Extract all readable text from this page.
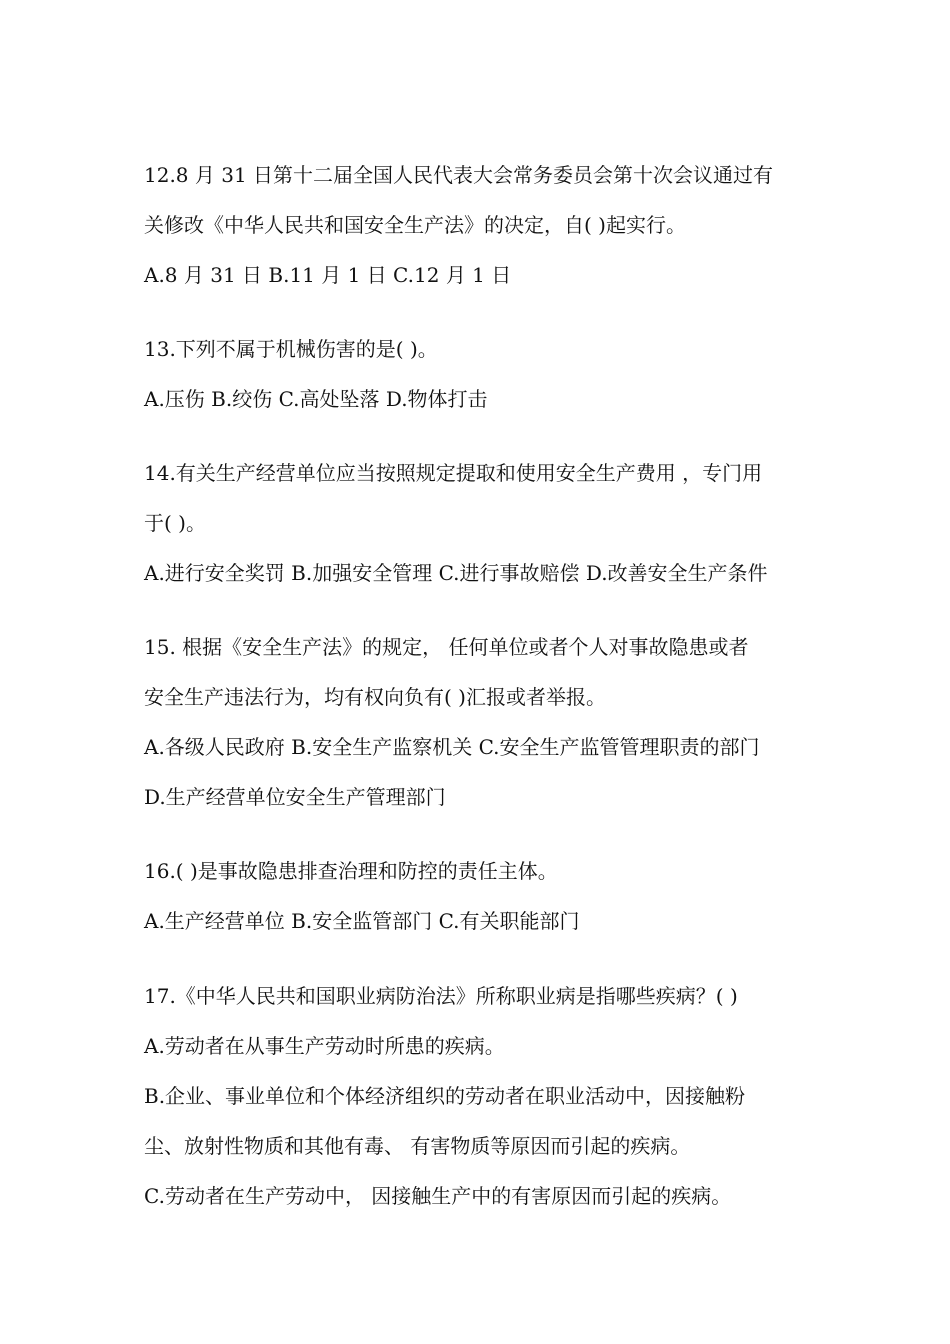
12.8 月 31 日第十二届全国人民代表大会常务委员会第十次会议通过有

关修改《中华人民共和国安全生产法》的决定，自( )起实行。

A.8 月 31 日 B.11 月 1 日 C.12 月 1 日

13.下列不属于机械伤害的是( )。

A.压伤 B.绞伤 C.高处坠落 D.物体打击

14.有关生产经营单位应当按照规定提取和使用安全生产费用 ，专门用

于( )。

A.进行安全奖罚 B.加强安全管理 C.进行事故赔偿 D.改善安全生产条件

15. 根据《安全生产法》的规定， 任何单位或者个人对事故隐患或者

安全生产违法行为，均有权向负有( )汇报或者举报。

A.各级人民政府 B.安全生产监察机关 C.安全生产监管管理职责的部门

D.生产经营单位安全生产管理部门

16.( )是事故隐患排查治理和防控的责任主体。

A.生产经营单位 B.安全监管部门 C.有关职能部门

17.《中华人民共和国职业病防治法》所称职业病是指哪些疾病？( )

A.劳动者在从事生产劳动时所患的疾病。

B.企业、事业单位和个体经济组织的劳动者在职业活动中，因接触粉

尘、放射性物质和其他有毒、 有害物质等原因而引起的疾病。

C.劳动者在生产劳动中， 因接触生产中的有害原因而引起的疾病。
